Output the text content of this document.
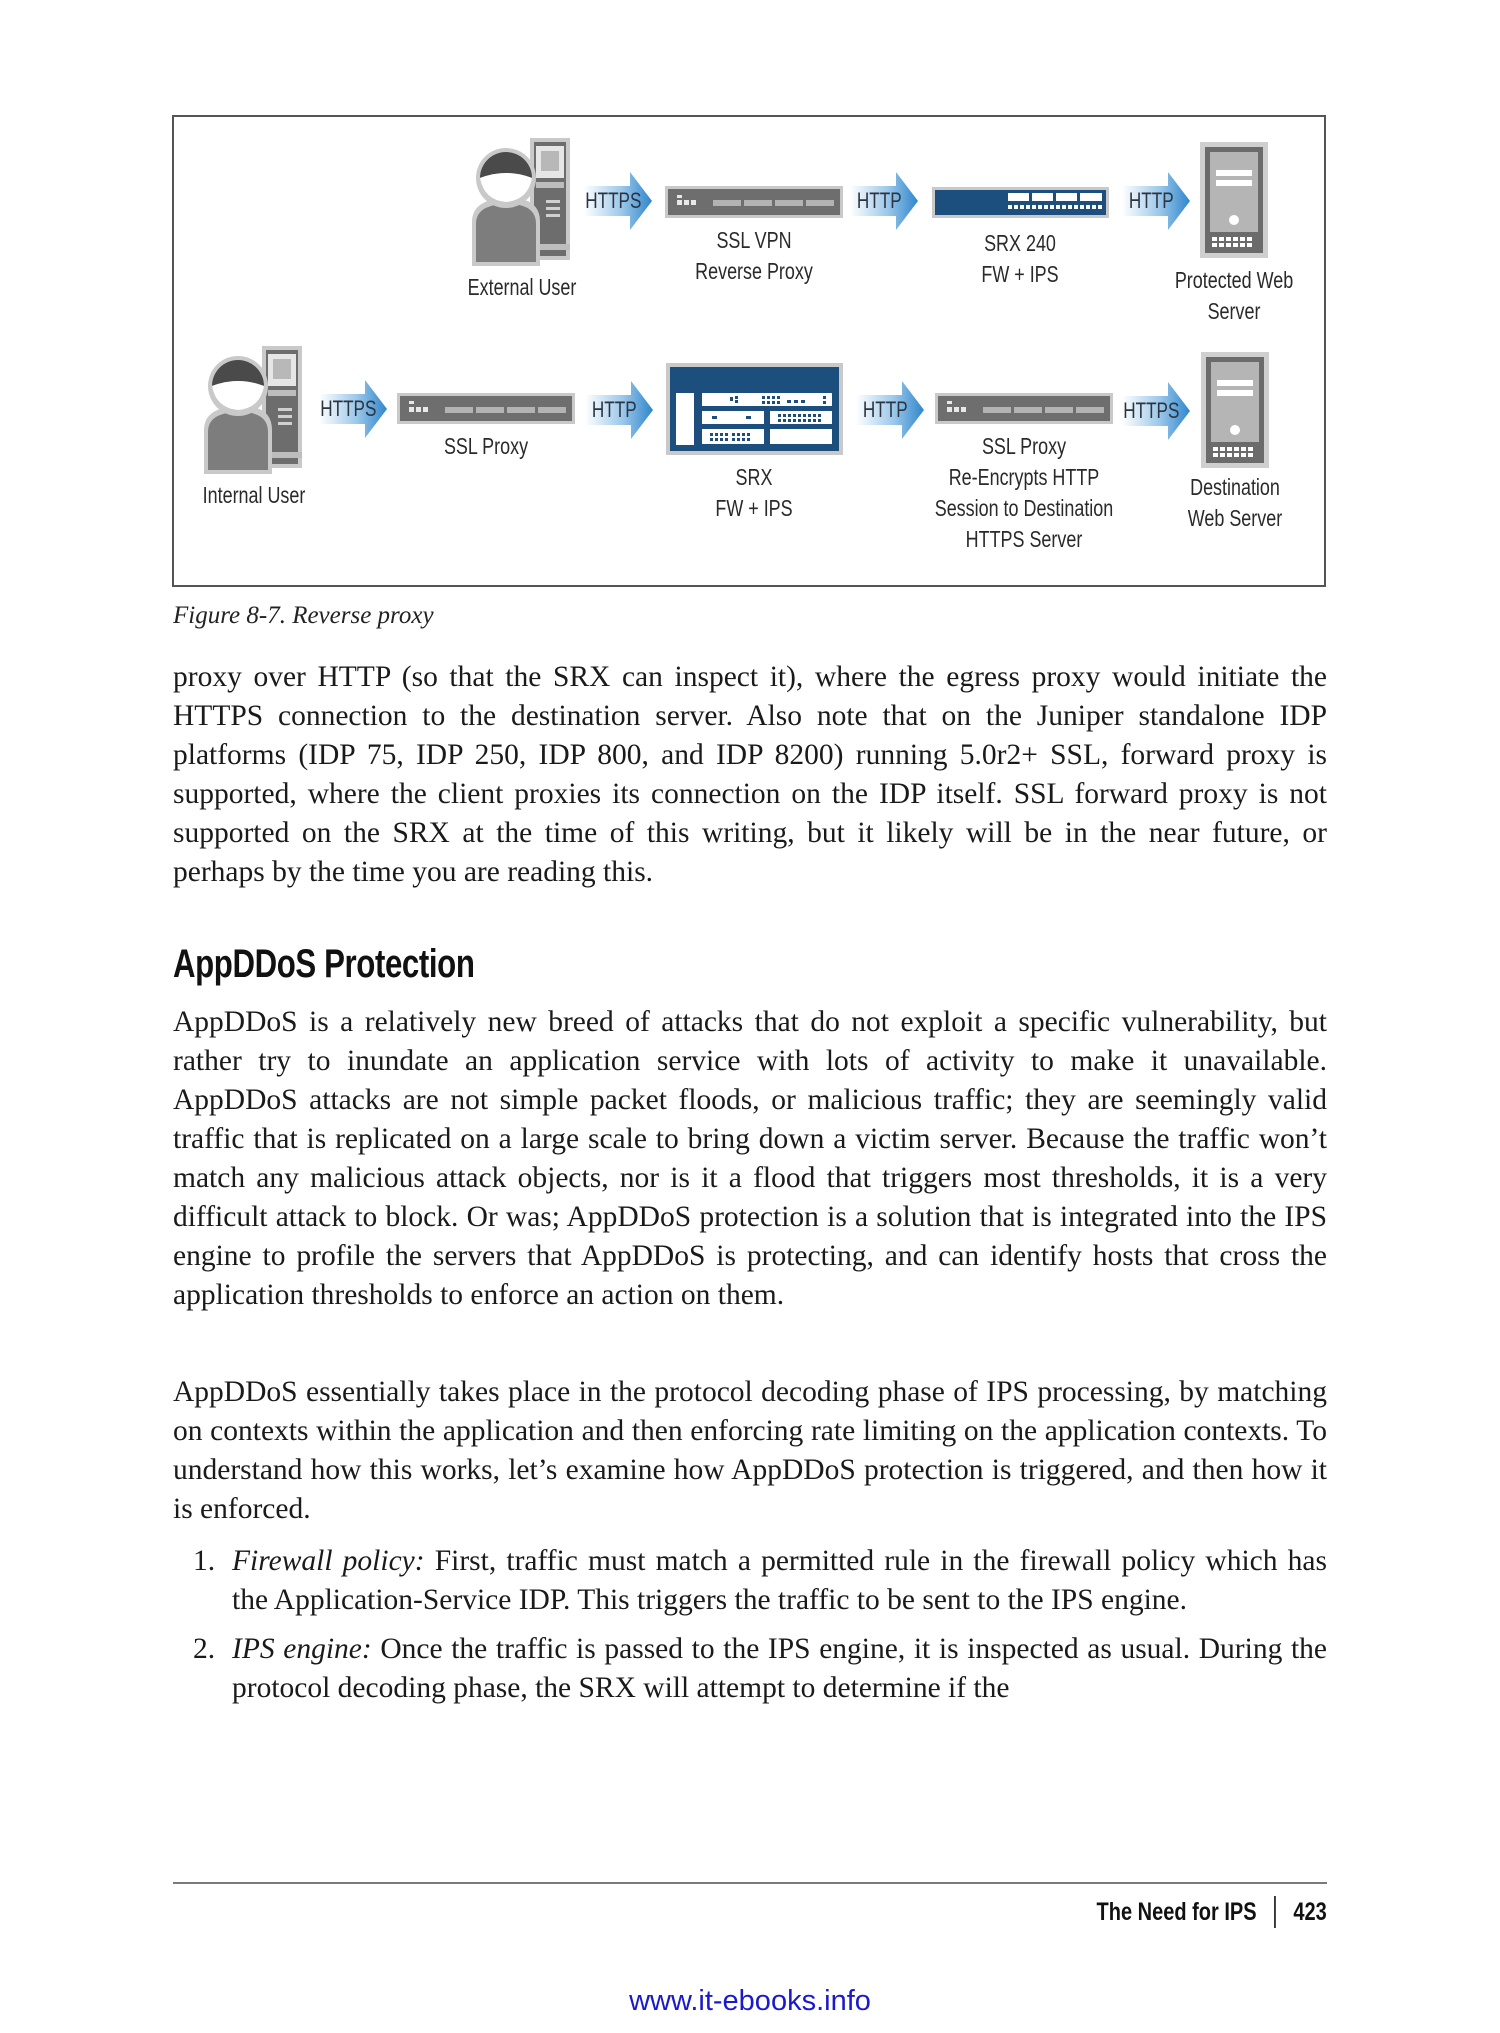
External User
HTTPS
SSL VPN
Reverse Proxy
HTTP
SRX 240
FW + IPS
HTTP
Protected Web
Server
Internal User
HTTPS
SSL Proxy
HTTP
SRX
FW + IPS
HTTP
SSL Proxy
Re-Encrypts HTTP
Session to Destination
HTTPS Server
HTTPS
Destination
Web Server
Figure 8-7. Reverse proxy

proxy over HTTP (so that the SRX can inspect it), where the egress proxy would initiate the HTTPS connection to the destination server. Also note that on the Juniper standalone IDP platforms (IDP 75, IDP 250, IDP 800, and IDP 8200) running 5.0r2+ SSL, forward proxy is supported, where the client proxies its connection on the IDP itself. SSL forward proxy is not supported on the SRX at the time of this writing, but it likely will be in the near future, or perhaps by the time you are reading this.

AppDDoS Protection

AppDDoS is a relatively new breed of attacks that do not exploit a specific vulnerability, but rather try to inundate an application service with lots of activity to make it unavailable. AppDDoS attacks are not simple packet floods, or malicious traffic; they are seemingly valid traffic that is replicated on a large scale to bring down a victim server. Because the traffic won’t match any malicious attack objects, nor is it a flood that triggers most thresholds, it is a very difficult attack to block. Or was; AppDDoS protection is a solution that is integrated into the IPS engine to profile the servers that AppDDoS is protecting, and can identify hosts that cross the application thresholds to enforce an action on them.

AppDDoS essentially takes place in the protocol decoding phase of IPS processing, by matching on contexts within the application and then enforcing rate limiting on the application contexts. To understand how this works, let’s examine how AppDDoS protection is triggered, and then how it is enforced.

1. Firewall policy: First, traffic must match a permitted rule in the firewall policy which has the Application-Service IDP. This triggers the traffic to be sent to the IPS engine.
2. IPS engine: Once the traffic is passed to the IPS engine, it is inspected as usual. During the protocol decoding phase, the SRX will attempt to determine if the
The Need for IPS 423
www.it-ebooks.info
